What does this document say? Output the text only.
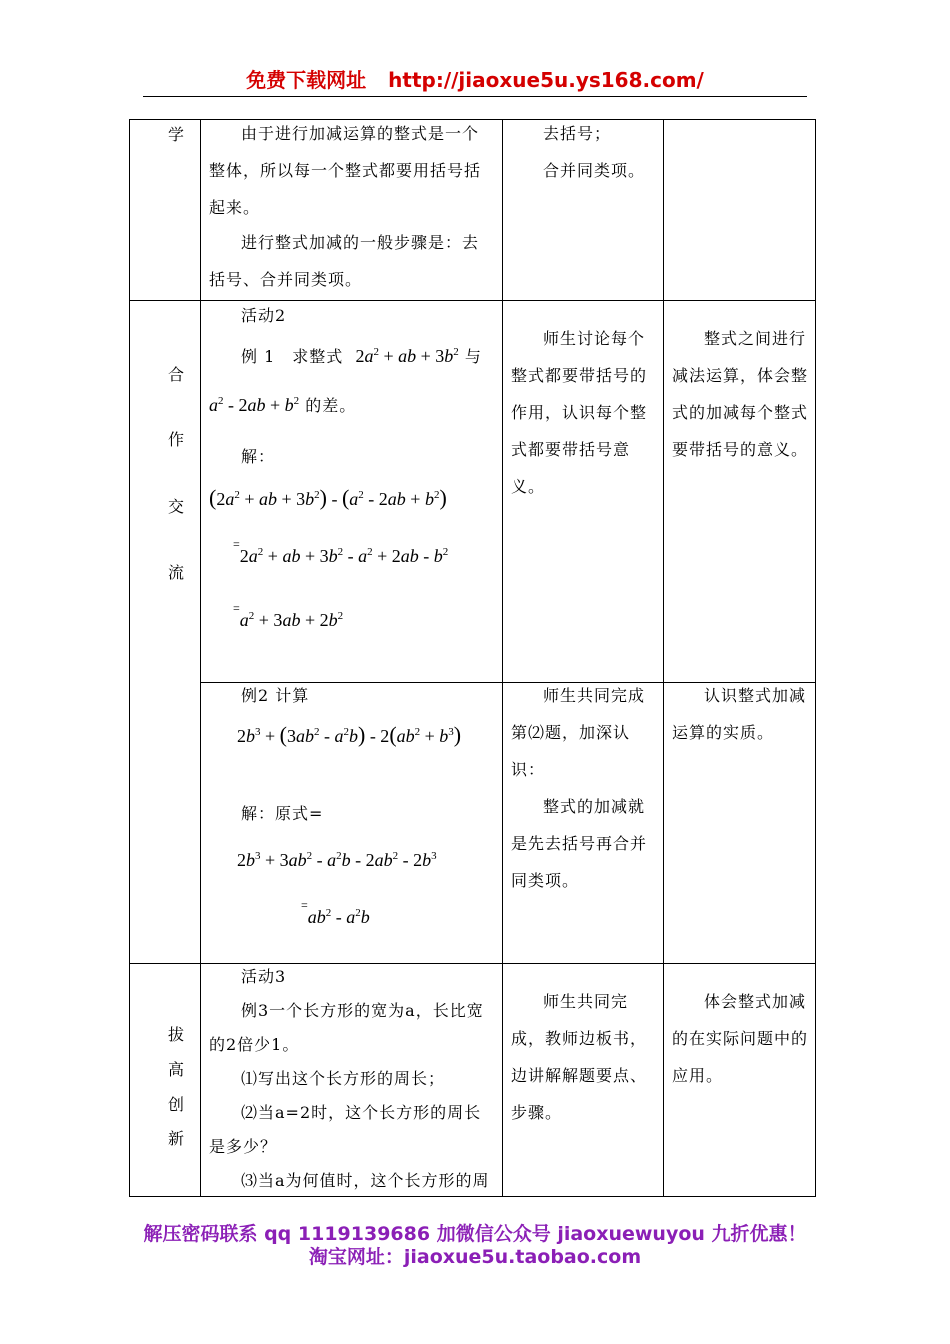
免费下载网址 http://jiaoxue5u.ys168.com/
学
合
作
交
流
拔
高
创
新

由于进行加减运算的整式是一个整体，所以每一个整式都要用括号括起来。

进行整式加减的一般步骤是：去括号、合并同类项。

去括号；

合并同类项。

活动2

例 1　求整式 $2a^2$ + ab + $3b^2$ 与

$a^2 - 2ab + b^2$ 的差。

解：

($2a^2$ + ab + $3b^2) - (a^2 - 2ab + b^2)$

$^=2a^2$ + ab + $3b^2 - a^2 + 2ab - b^2$

$^=a^2 + 3ab + 2b^2$

师生讨论每个整式都要带括号的作用，认识每个整式都要带括号意义。

整式之间进行减法运算，体会整式的加减每个整式要带括号的意义。

例2 计算

$2b^3 + (3ab^2 - a^2b) - 2(ab^2 + b^3)$

解：原式=

$2b^3 + 3ab^2 - a^2b - 2ab^2 - 2b^3$

$^=ab^2 - a^2b$

师生共同完成第⑵题，加深认识：

整式的加减就是先去括号再合并同类项。

认识整式加减运算的实质。

活动3

例3一个长方形的宽为a，长比宽的2倍少1。

⑴写出这个长方形的周长；

⑵当a=2时，这个长方形的周长是多少？

⑶当a为何值时，这个长方形的周

师生共同完成，教师边板书，边讲解解题要点、步骤。

体会整式加减的在实际问题中的应用。

解压密码联系 qq 1119139686 加微信公众号 jiaoxuewuyou 九折优惠！
淘宝网址：jiaoxue5u.taobao.com
